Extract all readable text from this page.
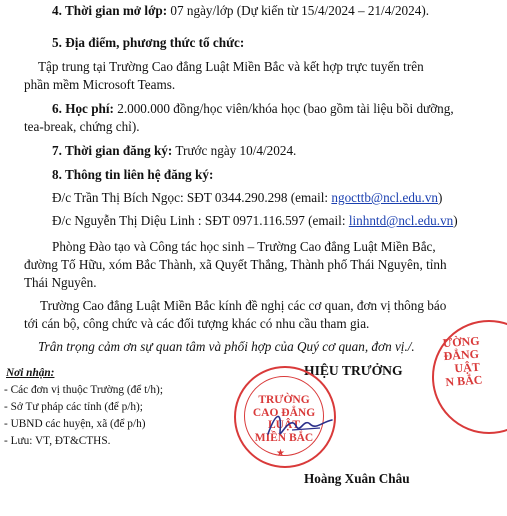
4. Thời gian mở lớp: 07 ngày/lớp (Dự kiến từ 15/4/2024 – 21/4/2024).
5. Địa điểm, phương thức tổ chức:
Tập trung tại Trường Cao đẳng Luật Miền Bắc và kết hợp trực tuyến trên
phần mềm Microsoft Teams.
6. Học phí: 2.000.000 đồng/học viên/khóa học (bao gồm tài liệu bồi dưỡng,
tea-break, chứng chỉ).
7. Thời gian đăng ký: Trước ngày 10/4/2024.
8. Thông tin liên hệ đăng ký:
Đ/c Trần Thị Bích Ngọc: SĐT 0344.290.298 (email: ngocttb@ncl.edu.vn)
Đ/c Nguyễn Thị Diệu Linh : SĐT 0971.116.597 (email: linhntd@ncl.edu.vn)
Phòng Đào tạo và Công tác học sinh – Trường Cao đẳng Luật Miền Bắc,
đường Tố Hữu, xóm Bắc Thành, xã Quyết Thắng, Thành phố Thái Nguyên, tỉnh
Thái Nguyên.
Trường Cao đẳng Luật Miền Bắc kính đề nghị các cơ quan, đơn vị thông báo
tới cán bộ, công chức và các đối tượng khác có nhu cầu tham gia.
Trân trọng cảm ơn sự quan tâm và phối hợp của Quý cơ quan, đơn vị./.
Nơi nhận:
- Các đơn vị thuộc Trường (để t/h);
- Sở Tư pháp các tỉnh (để p/h);
- UBND các huyện, xã (để p/h)
- Lưu: VT, ĐT&CTHS.
ƯỜNG
ĐẲNG
UẬT
N BẮC
HIỆU TRƯỞNG
TRƯỜNG
CAO ĐẲNG
LUẬT
MIỀN BẮC
★
Hoàng Xuân Châu
